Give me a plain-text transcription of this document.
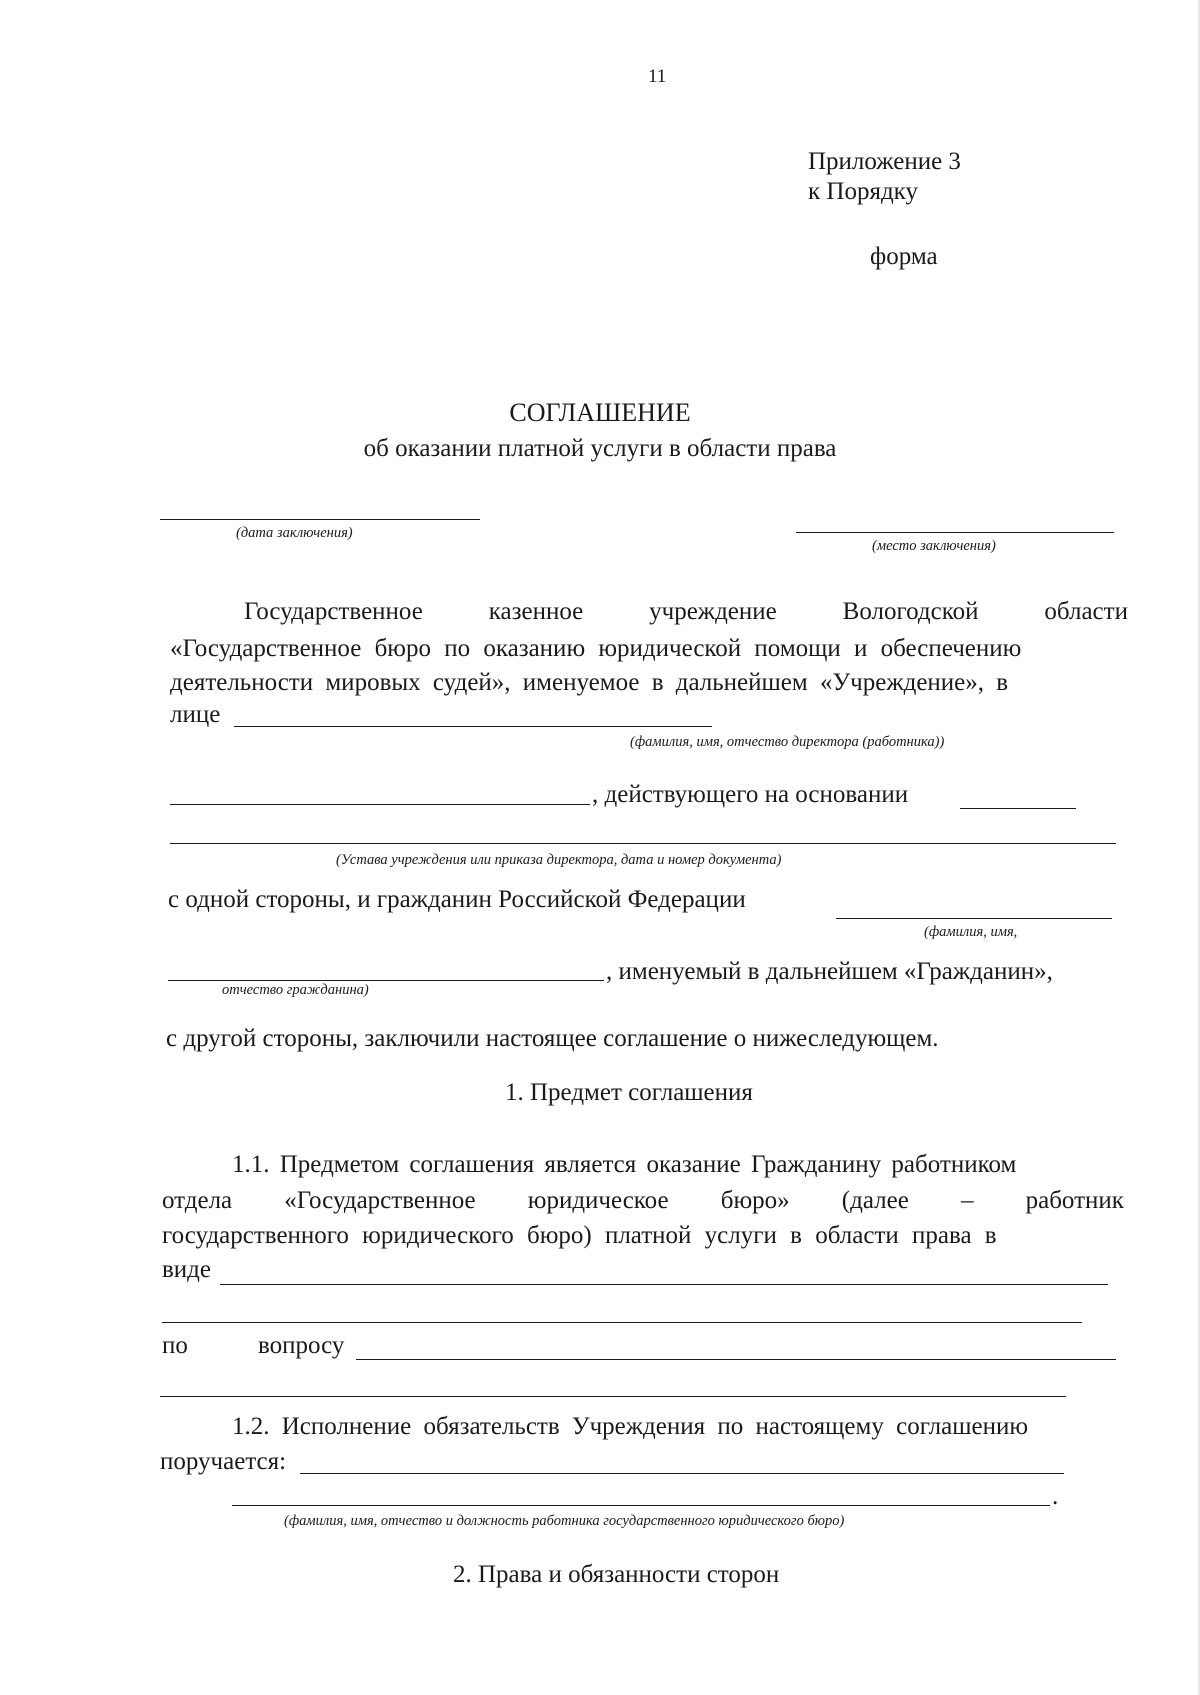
11
Приложение 3
к Порядку
форма
СОГЛАШЕНИЕ
об оказании платной услуги в области права
(дата заключения)
(место заключения)
Государственное	казенное	учреждение	Вологодской	области
«Государственное бюро по оказанию юридической помощи и обеспечению
деятельности мировых судей», именуемое в дальнейшем «Учреждение», в
лице
(фамилия, имя, отчество директора (работника))
, действующего на основании
(Устава учреждения или приказа директора, дата и номер документа)
с одной стороны, и гражданин Российской Федерации
(фамилия, имя,
, именуемый в дальнейшем «Гражданин»,
отчество гражданина)
с другой стороны, заключили настоящее соглашение о нижеследующем.
1. Предмет соглашения
1.1. Предметом соглашения является оказание Гражданину работником
отдела «Государственное юридическое бюро» (далее – работник
государственного юридического бюро) платной услуги в области права в
виде
по	вопросу
1.2. Исполнение обязательств Учреждения по настоящему соглашению
поручается:
.
(фамилия, имя, отчество и должность работника государственного юридического бюро)
2. Права и обязанности сторон
